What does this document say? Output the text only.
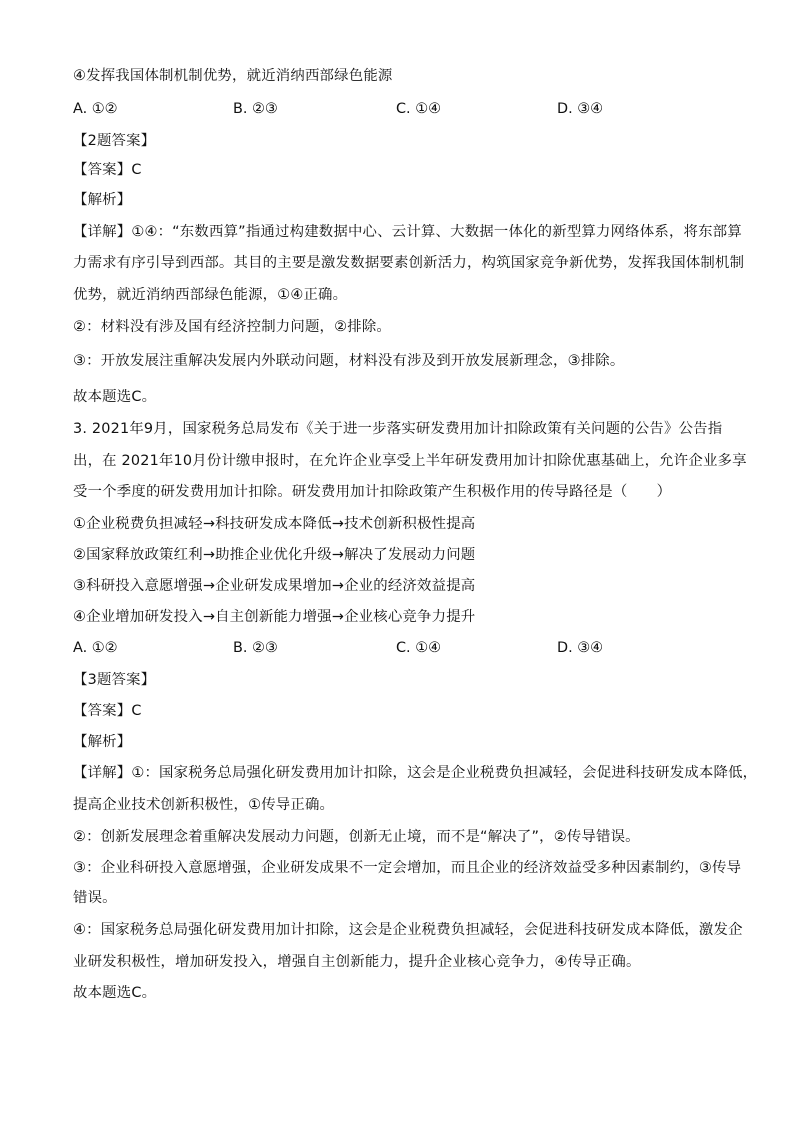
④发挥我国体制机制优势，就近消纳西部绿色能源
A. ①②	B. ②③	C. ①④	D. ③④
【2题答案】
【答案】C
【解析】
【详解】①④：“东数西算”指通过构建数据中心、云计算、大数据一体化的新型算力网络体系，将东部算
力需求有序引导到西部。其目的主要是激发数据要素创新活力，构筑国家竞争新优势，发挥我国体制机制
优势，就近消纳西部绿色能源，①④正确。
②：材料没有涉及国有经济控制力问题，②排除。
③：开放发展注重解决发展内外联动问题，材料没有涉及到开放发展新理念，③排除。
故本题选C。
3. 2021年9月，国家税务总局发布《关于进一步落实研发费用加计扣除政策有关问题的公告》公告指
出，在 2021年10月份计缴申报时，在允许企业享受上半年研发费用加计扣除优惠基础上，允许企业多享
受一个季度的研发费用加计扣除。研发费用加计扣除政策产生积极作用的传导路径是（　　）
①企业税费负担减轻→科技研发成本降低→技术创新积极性提高
②国家释放政策红利→助推企业优化升级→解决了发展动力问题
③科研投入意愿增强→企业研发成果增加→企业的经济效益提高
④企业增加研发投入→自主创新能力增强→企业核心竞争力提升
A. ①②	B. ②③	C. ①④	D. ③④
【3题答案】
【答案】C
【解析】
【详解】①：国家税务总局强化研发费用加计扣除，这会是企业税费负担减轻，会促进科技研发成本降低，
提高企业技术创新积极性，①传导正确。
②：创新发展理念着重解决发展动力问题，创新无止境，而不是“解决了”，②传导错误。
③：企业科研投入意愿增强，企业研发成果不一定会增加，而且企业的经济效益受多种因素制约，③传导
错误。
④：国家税务总局强化研发费用加计扣除，这会是企业税费负担减轻，会促进科技研发成本降低，激发企
业研发积极性，增加研发投入，增强自主创新能力，提升企业核心竞争力，④传导正确。
故本题选C。
